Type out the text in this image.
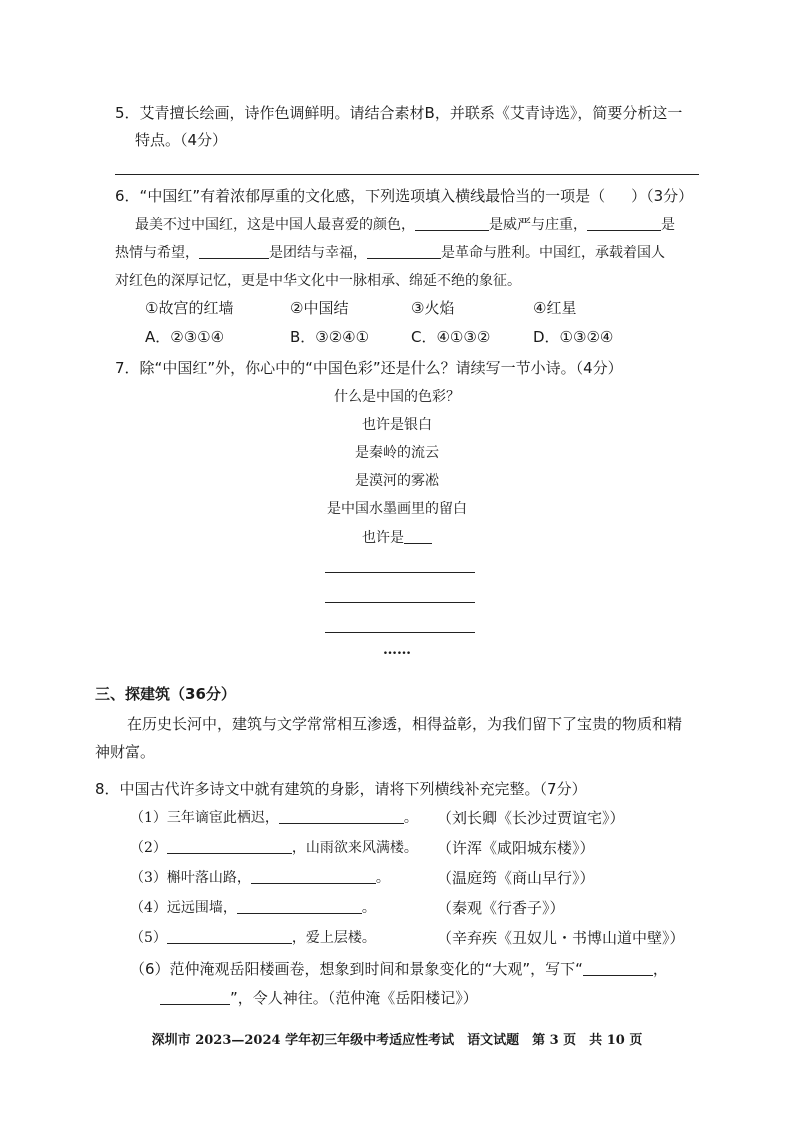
5．艾青擅长绘画，诗作色调鲜明。请结合素材B，并联系《艾青诗选》，简要分析这一
特点。（4分）
6．“中国红”有着浓郁厚重的文化感，下列选项填入横线最恰当的一项是（ ）（3分）
最美不过中国红，这是中国人最喜爱的颜色，	是威严与庄重，	是
热情与希望，	是团结与幸福，	是革命与胜利。中国红，承载着国人
对红色的深厚记忆，更是中华文化中一脉相承、绵延不绝的象征。
①故宫的红墙	②中国结	③火焰	④红星
A．②③①④	B．③②④①	C．④①③②	D．①③②④
7．除“中国红”外，你心中的“中国色彩”还是什么？请续写一节小诗。（4分）
什么是中国的色彩？
也许是银白
是秦岭的流云
是漠河的雾凇
是中国水墨画里的留白
也许是
……
三、探建筑（36分）
在历史长河中，建筑与文学常常相互渗透，相得益彰，为我们留下了宝贵的物质和精
神财富。
8．中国古代许多诗文中就有建筑的身影，请将下列横线补充完整。（7分）
（1）三年谪宦此栖迟，	。 （刘长卿《长沙过贾谊宅》）
（2）	，山雨欲来风满楼。 （许浑《咸阳城东楼》）
（3）槲叶落山路，	。	（温庭筠《商山早行》）
（4）远远围墙，	。	（秦观《行香子》）
（5）	，爱上层楼。	（辛弃疾《丑奴儿・书博山道中壁》）
（6）范仲淹观岳阳楼画卷，想象到时间和景象变化的“大观”，写下“	，
”，令人神往。（范仲淹《岳阳楼记》）
深圳市 2023—2024 学年初三年级中考适应性考试　语文试题　第 3 页　共 10 页
